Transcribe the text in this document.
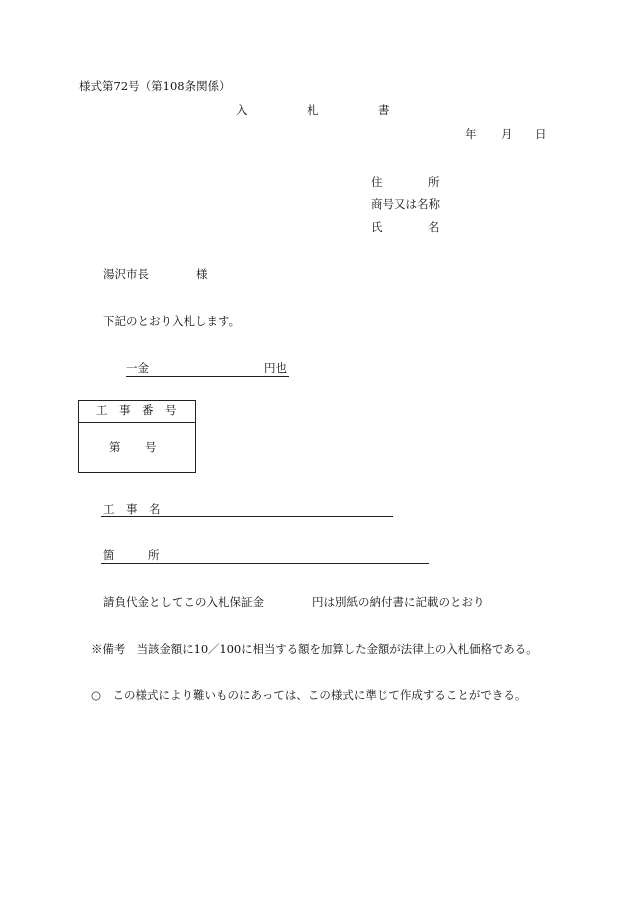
様式第72号（第108条関係）
入	札	書
年 月 日
住	所
商号又は名称
氏	名
湯沢市長	様
下記のとおり入札します。
一金	円也
工　事　番　号
第 号
工　事　名
箇	所
請負代金としてこの入札保証金	円は別紙の納付書に記載のとおり
※備考　当該金額に10／100に相当する額を加算した金額が法律上の入札価格である。
○　この様式により難いものにあっては、この様式に準じて作成することができる。
